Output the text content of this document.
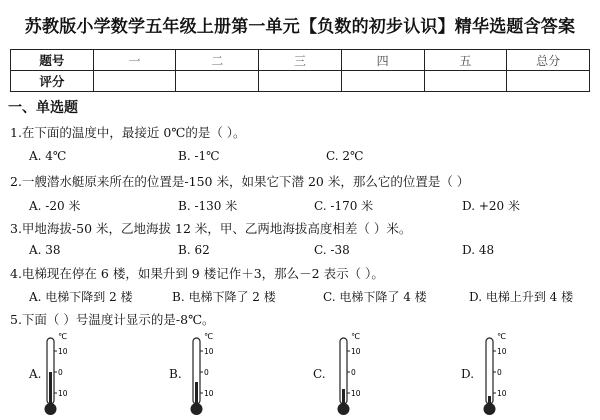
苏教版小学数学五年级上册第一单元【负数的初步认识】精华选题含答案
题号	一	二	三	四	五	总分
评分						
一、单选题
1.在下面的温度中，最接近 0℃的是（ ）。
A. 4℃	B. -1℃	C. 2℃
2.一艘潜水艇原来所在的位置是-150 米，如果它下潜 20 米，那么它的位置是（ ）
A. -20 米	B. -130 米	C. -170 米	D. +20 米
3.甲地海拔-50 米，乙地海拔 12 米，甲、乙两地海拔高度相差（ ）米。
A. 38	B. 62	C. -38	D. 48
4.电梯现在停在 6 楼，如果升到 9 楼记作＋3，那么－2 表示（ ）。
A. 电梯下降到 2 楼	B. 电梯下降了 2 楼	C. 电梯下降了 4 楼	D. 电梯上升到 4 楼
5.下面（ ）号温度计显示的是-8℃。
A.	B.	C.	D.
℃
10
0
10
℃
10
0
10
℃
10
0
10
℃
10
0
10
